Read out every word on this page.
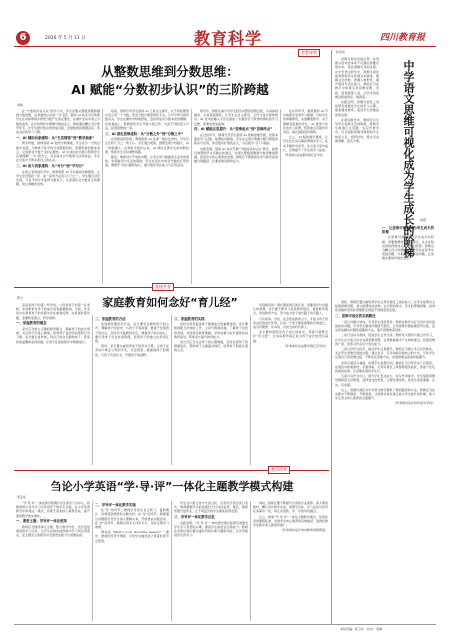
6	2026 年 5 月 11 日	教育科学	四川教育报
智慧课堂
从整数思维到分数思维：
AI 赋能“分数初步认识”的三阶跨越
刘敏

在“分数的初步认识”的学习中，学生需要从整数思维跨越到分数思维，这是数的认识的一次飞跃。借助 AI 技术可以帮助学生在具体情境中感悟分数产生的必要性，在操作活动中建立分数的表象，在比较辨析中理解分数的意义。教师通过精心设计教学环节，让学生经历知识的形成过程，发展数感和推理意识，形成良好的学习习惯。

一、AI 辅助具象感知：从“生活情境”到“数学抽象”

教学伊始，教师借助 AI 创设分物情境，学生在分一分的过程中发现，当物体不能平均分成整数份时，需要用新的数来表示，从而感受分数产生的必要性。AI 生成的动态图示帮助学生直观理解“一半”的含义，并初步认识分数的写法和读法。学生在交流中不断完善自己的认识。

二、AI 助力表象建构：从“对分”到“平均分”

在建立表象的环节中，教师利用 AI 平台提供多种图形，让学生尝试用折一折、涂一涂的方法表示几分之一。学生通过对比发现，只有平均分才能用分数表示，从而深化对分数意义的理解，建立清晰的表象。

接着，教师引导学生借助 AI 工具自主探究，在不同的图形中表示同一个分数，感受分数与图形形状无关，只与平均分的份数有关。学生在操作中积累经验，逐步形成对分数本质的理解。在此基础上，教师组织学生开展小组合作，交流不同的表示方法，拓展思维的广度。

三、AI 深化思维进阶：从“分数之外”到“分数之中”

在思维进阶阶段，教师借助 AI 呈现一组对比材料，引导学生比较几分之一的大小。学生通过观察、推理发现分母越大，每一份就越小，在辨析中深化认识。AI 即时反馈学生的判断结果，帮助学生及时调整思路。

随后，教师设计开放性问题，让学生用分数描述生活中的现象，实现数学与生活的联结。学生在表达中体会分数的应用价值，增强学习的兴趣和信心，提升数学表达能力与应用意识。

教学中，教师注重引导学生经历完整的思维过程，从具体到抽象，从直观到理性，让学生在自主探究、合作交流中建构知识。AI 技术的融入为学生提供了丰富的学习资源和即时的学习反馈，使课堂更加高效。

四、AI 赋能反思提升：从“思维起点”到“思维终点”

在总结环节，教师引导学生借助 AI 绘制思维导图，回顾本课的学习过程，梳理知识脉络。学生在反思中明确分数与整数的联系与区别，体会数系扩展的意义，为后续学习打下基础。

实践表明，借助 AI 技术开展“分数的初步认识”教学，能够有效帮助学生突破认知难点，实现从整数思维到分数思维的跨越，促进学生核心素养的发展。教师应不断探索技术与教学深度融合的路径，让课堂焕发新的活力。

在评价环节，教师借助 AI 平台收集学生的学习数据，分析学生的掌握情况，实施精准教学。对于理解有困难的学生，AI 推送个性化的学习资源，帮助他们巩固所学内容，真正做到因材施教。

总之，AI 赋能数学课堂，让学生在生动有趣的情境中学习，在动手操作中思考，在交流分享中成长，有效提升了学生的学习品质。

（作者单位系成都市锦江区学校）

新视角
中学语文思维可视化成为学生成长的阶梯 杨霞

思维可视化是指运用一系列图示技术把本来不可视的思维呈现出来，使其清晰可见的过程。在中学语文教学中，思维可视化能够帮助学生梳理文本脉络、理解文章结构、把握人物形象，提升阅读与表达能力。教师应当在教学中积极运用思维导图、表格、流程图等工具，让学生的思维过程看得见、摸得着。

实践证明，思维可视化工具能够有效激发学生的学习兴趣，提高课堂效率，促进学生思维品质的发展。

在阅读教学中，教师可以引导学生绘制文章结构图，帮助学生厘清行文思路；在写作教学中，可以借助思维导图帮助学生构思立意、组织材料，使文章条理清晰、层次分明。

一、让思维可视化成为学生成长的阶梯

让思维可视化成为学生成长的阶梯，需要教师转变教学观念，从关注知识的传授转向关注思维的培养。教师应当精心设计问题链，引导学生在思考中发现问题、分析问题、解决问题，让思维在课堂中真实发生。

同时，教师还要注重培养学生运用可视化工具的能力，让学生能够自主绘制思维导图，独立梳理知识结构。在长期训练中，学生的逻辑思维、批判性思维和创造性思维都会得到不同程度的发展。

二、思维可视化的实践路径

一是以问题为导向，引导学生深度思考。教师在教学中应当设计具有挑战性的问题，引导学生围绕问题展开探究，运用思维导图梳理思考过程，逐步形成解决问题的思路和方法，提升思维的深刻性。

二是以活动为载体，促进学生合作交流。教师可以组织小组合作学习，让学生在交流讨论中完善思维导图，在思维碰撞中产生新的观点，拓展思维的广度，培养合作意识与表达能力。

三是以评价为抓手，推动学生反思提升。教师应当建立多元评价体系，关注学生思维发展的过程，通过自评、互评和师评相结合的方式，引导学生反思自己的思维过程，不断优化思维方法，实现思维品质的持续提升。

四是以阅读为基础，拓展学生思维空间。教师应当引导学生广泛阅读，在阅读中积累素材、丰富体验，运用可视化工具整理阅读收获，形成个性化的阅读成果，让思维在阅读中生长。

五是以写作为出口，提升学生表达能力。在写作训练中，学生借助思维导图构思文章框架，选择恰当的材料，合理安排结构，使表达更加准确、生动、有条理。

总之，思维可视化为中学语文教学提供了新的路径和方法，教师应当在实践中不断探索、不断创新，让思维可视化真正成为学生成长的阶梯，助力学生语文核心素养的全面提升。

（作者单位系泸州市某中学校）

家校共育
家庭教育如何念好“育儿经”
陈宁

家庭是孩子的第一所学校，父母是孩子的第一任老师。家庭教育对孩子的成长具有重要影响。当前，许多家长在教育孩子的过程中存在重智轻德、过度保护等问题，需要转变观念，科学施教。

一、家庭教育的理念

家长应当树立正确的教育理念，尊重孩子的成长规律，关注孩子的身心健康，培养孩子良好的品德和行为习惯。家长要以身作则，用自己的言行影响孩子，营造和谐温馨的家庭氛围，让孩子在爱的陪伴中健康成长。

二、家庭教育的方法

家庭教育要讲究方法。家长要学会倾听孩子的心声，理解孩子的需求，与孩子平等沟通；要善于发现孩子的优点，及时给予鼓励和肯定，增强孩子的自信心；要引导孩子学会自我管理，培养孩子的独立性和责任感。

同时，家长要注重培养孩子的劳动习惯，让孩子在劳动中体会父母的辛劳，学会感恩；要重视孩子的阅读，与孩子共读好书，开阔孩子的视野。

三、家庭教育的实践

家校共育是促进孩子健康成长的重要途径。家长要积极配合学校的工作，主动与教师沟通，了解孩子在校的表现，共同商讨教育策略。学校也要为家长提供家庭教育指导，帮助家长提升教育能力。

家长还应当关注孩子的心理健康，及时发现孩子的情绪变化，帮助孩子正确面对挫折，培养孩子积极乐观的心态。

家庭教育是一项长期而艰巨的任务，需要家长付出耐心和智慧。家长要不断学习家庭教育知识，更新教育观念，改进教育方法，努力成为孩子成长路上的引路人。

只有家庭、学校、社会形成教育合力，才能为孩子营造良好的成长环境，让每一个孩子都能健康快乐地成长，成为有理想、有本领、有担当的时代新人。

家长要珍惜陪伴孩子成长的时光，用爱与智慧念好“育儿经”，让家庭教育真正成为孩子成长的坚实基础。

（作者单位系成都市锦江区学校）

教学改革
刍论小学英语“学·导·评”一体化主题教学模式构建
黄亚东

“学·导·评”一体化教学强调以学生的学习为中心，将教师的引导与学习评价贯穿于教学全过程。在小学英语教学中构建这一模式，有助于落实核心素养目标，提升课堂教学的实效性。

一、课堂主题：学导评一体化框架

教师应当围绕单元主题，整合教学内容，设计层层递进的学习任务，让学生在真实的语境中学习和运用语言，在主题意义的探究中发展语言能力与思维品质。

二、学导评一体化教学实施

在“学”的环节，教师引导学生自主预习，借助图片、音频等资源感知主题内容；在“导”的环节，教师通过问题链引导学生深入理解文本，开展语言实践活动；在“评”的环节，教师运用多元评价方式，及时反馈学习效果。

例如在 What's your favourite season? 一课中，教师创设季节情境，引导学生描述自己喜爱的季节及原因。

学生在小组合作中交流讨论，运用所学语言进行表达，教师根据学生的表现给予针对性指导。课后，教师布置分层作业，让不同层次的学生都能获得发展。

三、学导评一体化教学反思

实践表明，“学·导·评”一体化教学模式能够有效激发学生学习英语的兴趣，提高学生的语言运用能力。教师在实施过程中要注重评价的诊断与激励功能，让评价促进学生的学习。

同时，教师还要不断提升自身的专业素养，深入研读教材，精心设计教学活动，使教学目标、学习活动与评价任务保持一致，真正实现教、学、评的有机融合。

总之，构建“学·导·评”一体化主题教学模式，是落实英语课程标准、发展学生核心素养的有效途径，值得在教学实践中深入探索和推广。

（作者单位系泸州市教育局教研室）

本版责编：陈卫东　校对：刘琳
